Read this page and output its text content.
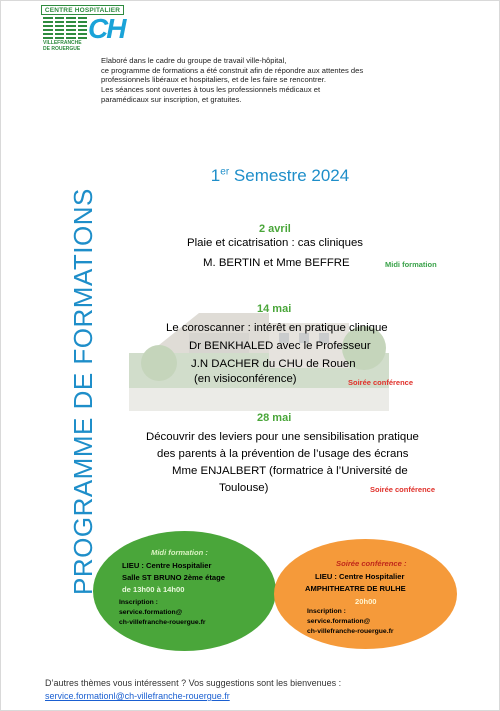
CENTRE HOSPITALIER
CH
VILLEFRANCHE
DE ROUERGUE
Elaboré dans le cadre du groupe de travail ville-hôpital,
ce programme de formations a été construit afin de répondre aux attentes des
professionnels libéraux et hospitaliers, et de les faire se rencontrer.
Les séances sont ouvertes à tous les professionnels médicaux et
paramédicaux sur inscription, et gratuites.
PROGRAMME DE FORMATIONS
1er Semestre 2024
2 avril
Plaie et cicatrisation : cas cliniques
M. BERTIN et Mme BEFFRE	Midi formation
14 mai
Le coroscanner : intérêt en pratique clinique
Dr BENKHALED avec le Professeur
J.N DACHER du CHU de Rouen
(en visioconférence)	Soirée conférence
28 mai
Découvrir des leviers pour une sensibilisation pratique
des parents à la prévention de l’usage des écrans
Mme ENJALBERT (formatrice à l’Université de
Toulouse)	Soirée conférence
Midi formation :
LIEU : Centre Hospitalier
Salle ST BRUNO 2ème étage
de 13h00 à 14h00
Inscription :
service.formation@
ch-villefranche-rouergue.fr
Soirée conférence :
LIEU : Centre Hospitalier
AMPHITHEATRE DE RULHE
20h00
Inscription :
service.formation@
ch-villefranche-rouergue.fr
D’autres thèmes vous intéressent ? Vos suggestions sont les bienvenues :
service.formationl@ch-villefranche-rouergue.fr
